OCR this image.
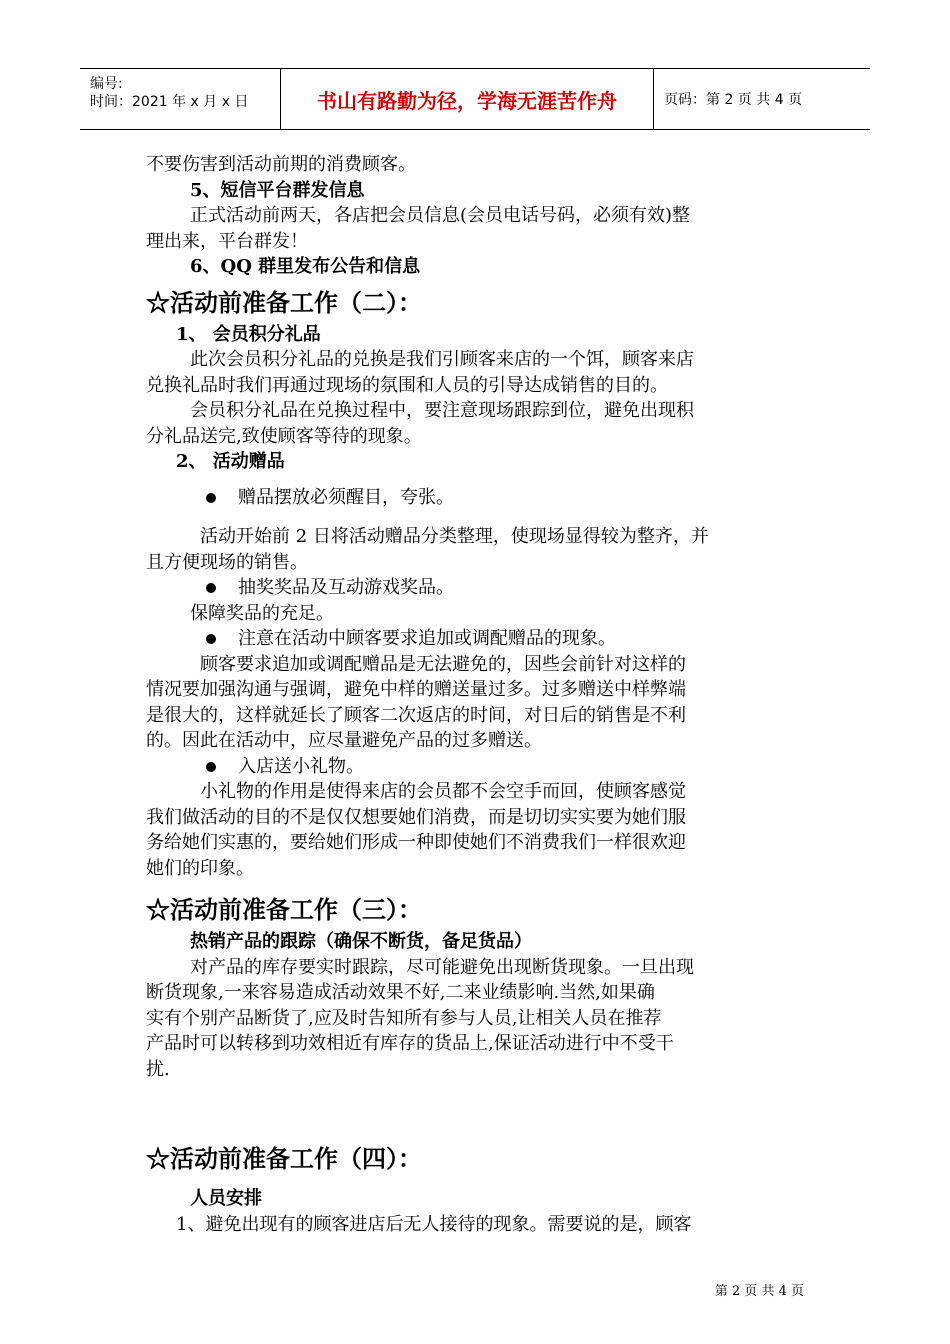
编号:
时间：2021 年 x 月 x 日	书山有路勤为径，学海无涯苦作舟	页码：第 2 页 共 4 页
不要伤害到活动前期的消费顾客。
5、短信平台群发信息
正式活动前两天，各店把会员信息(会员电话号码，必须有效)整
理出来，平台群发！
6、QQ 群里发布公告和信息
☆活动前准备工作（二）：
1、 会员积分礼品
此次会员积分礼品的兑换是我们引顾客来店的一个饵，顾客来店
兑换礼品时我们再通过现场的氛围和人员的引导达成销售的目的。
会员积分礼品在兑换过程中，要注意现场跟踪到位，避免出现积
分礼品送完,致使顾客等待的现象。
2、 活动赠品
赠品摆放必须醒目，夸张。
活动开始前 2 日将活动赠品分类整理，使现场显得较为整齐，并
且方便现场的销售。
抽奖奖品及互动游戏奖品。
保障奖品的充足。
注意在活动中顾客要求追加或调配赠品的现象。
顾客要求追加或调配赠品是无法避免的，因些会前针对这样的
情况要加强沟通与强调，避免中样的赠送量过多。过多赠送中样弊端
是很大的，这样就延长了顾客二次返店的时间，对日后的销售是不利
的。因此在活动中，应尽量避免产品的过多赠送。
入店送小礼物。
小礼物的作用是使得来店的会员都不会空手而回，使顾客感觉
我们做活动的目的不是仅仅想要她们消费，而是切切实实要为她们服
务给她们实惠的，要给她们形成一种即使她们不消费我们一样很欢迎
她们的印象。
☆活动前准备工作（三）：
热销产品的跟踪（确保不断货，备足货品）
对产品的库存要实时跟踪，尽可能避免出现断货现象。一旦出现
断货现象,一来容易造成活动效果不好,二来业绩影响.当然,如果确
实有个别产品断货了,应及时告知所有参与人员,让相关人员在推荐
产品时可以转移到功效相近有库存的货品上,保证活动进行中不受干
扰.
☆活动前准备工作（四）：
人员安排
1、避免出现有的顾客进店后无人接待的现象。需要说的是，顾客
第 2 页 共 4 页
